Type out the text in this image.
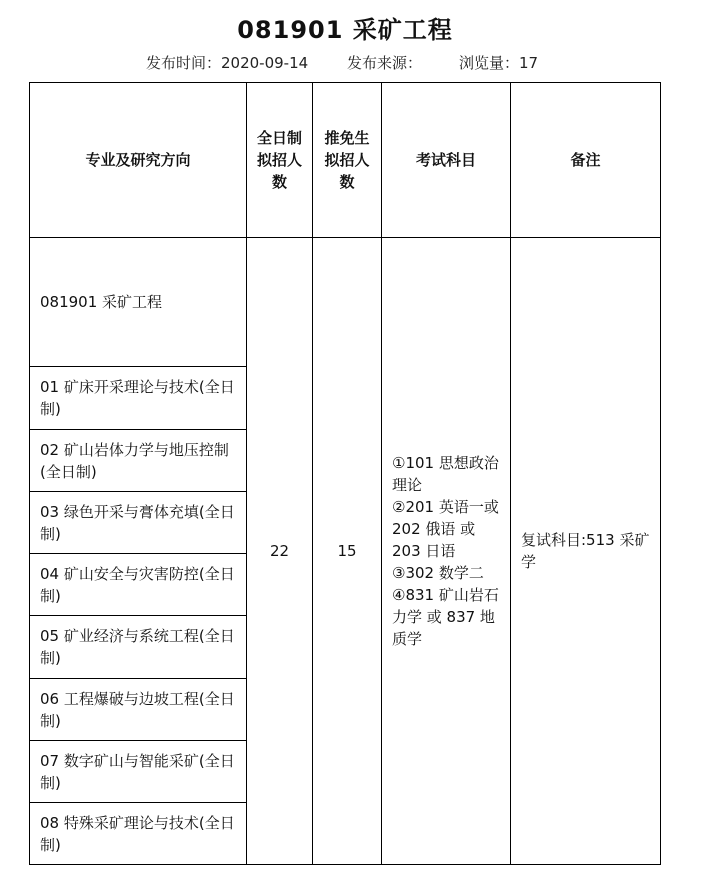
081901 采矿工程
发布时间：2020-09-14	发布来源： 浏览量：17
专业及研究方向	全日制拟招人数	推免生拟招人数	考试科目	备注
081901 采矿工程	22	15	①101 思想政治理论
②201 英语一或 202 俄语 或 203 日语
③302 数学二
④831 矿山岩石力学 或 837 地质学	复试科目:513 采矿学
01 矿床开采理论与技术(全日制)				
02 矿山岩体力学与地压控制(全日制)				
03 绿色开采与膏体充填(全日制)				
04 矿山安全与灾害防控(全日制)				
05 矿业经济与系统工程(全日制)				
06 工程爆破与边坡工程(全日制)				
07 数字矿山与智能采矿(全日制)				
08 特殊采矿理论与技术(全日制)				
